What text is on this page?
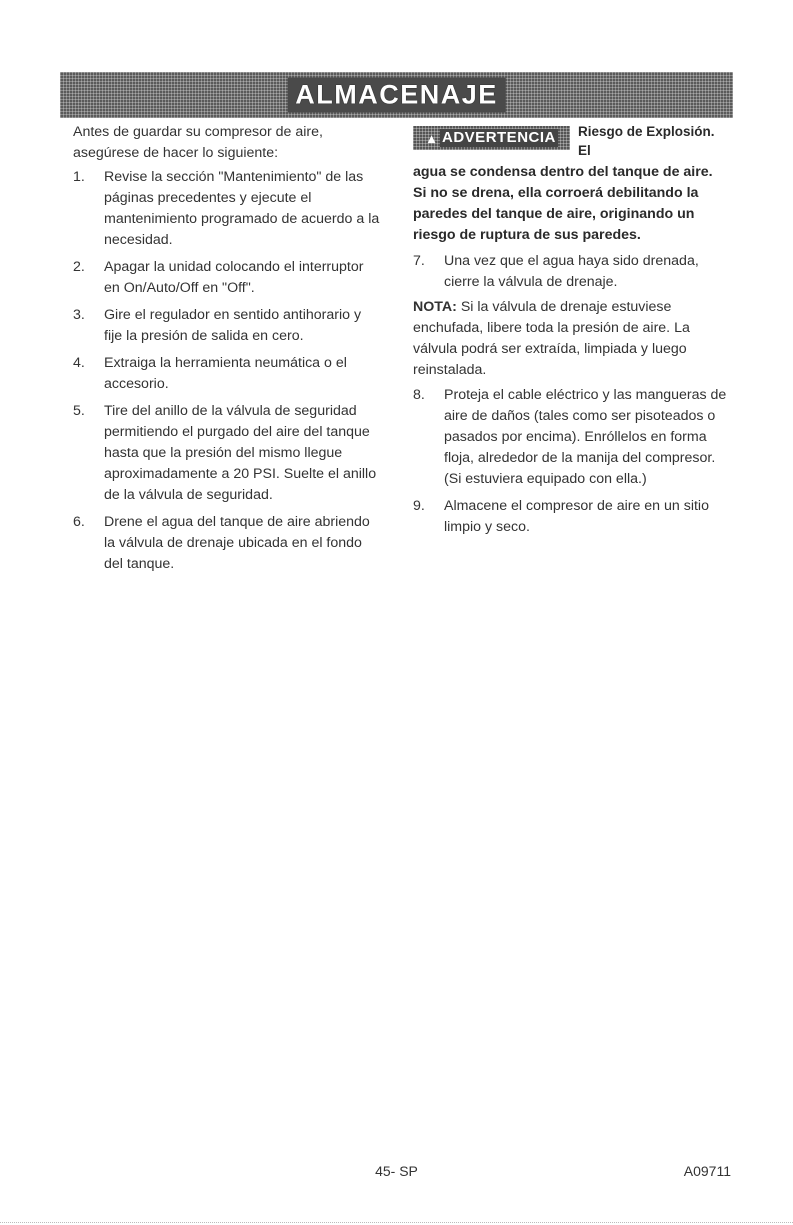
ALMACENAJE

Antes de guardar su compresor de aire, asegúrese de hacer lo siguiente:

1. Revise la sección "Mantenimiento" de las páginas precedentes y ejecute el mantenimiento programado de acuerdo a la necesidad.
2. Apagar la unidad colocando el interruptor en On/Auto/Off en "Off".
3. Gire el regulador en sentido antihorario y fije la presión de salida en cero.
4. Extraiga la herramienta neumática o el accesorio.
5. Tire del anillo de la válvula de seguridad permitiendo el purgado del aire del tanque hasta que la presión del mismo llegue aproximadamente a 20 PSI. Suelte el anillo de la válvula de seguridad.
6. Drene el agua del tanque de aire abriendo la válvula de drenaje ubicada en el fondo del tanque.
▲ ADVERTENCIA Riesgo de Explosión. El

agua se condensa dentro del tanque de aire. Si no se drena, ella corroerá debilitando la paredes del tanque de aire, originando un riesgo de ruptura de sus paredes.

7. Una vez que el agua haya sido drenada, cierre la válvula de drenaje.

NOTA: Si la válvula de drenaje estuviese enchufada, libere toda la presión de aire. La válvula podrá ser extraída, limpiada y luego reinstalada.

8. Proteja el cable eléctrico y las mangueras de aire de daños (tales como ser pisoteados o pasados por encima). Enróllelos en forma floja, alrededor de la manija del compresor. (Si estuviera equipado con ella.)
9. Almacene el compresor de aire en un sitio limpio y seco.
45- SP	A09711
